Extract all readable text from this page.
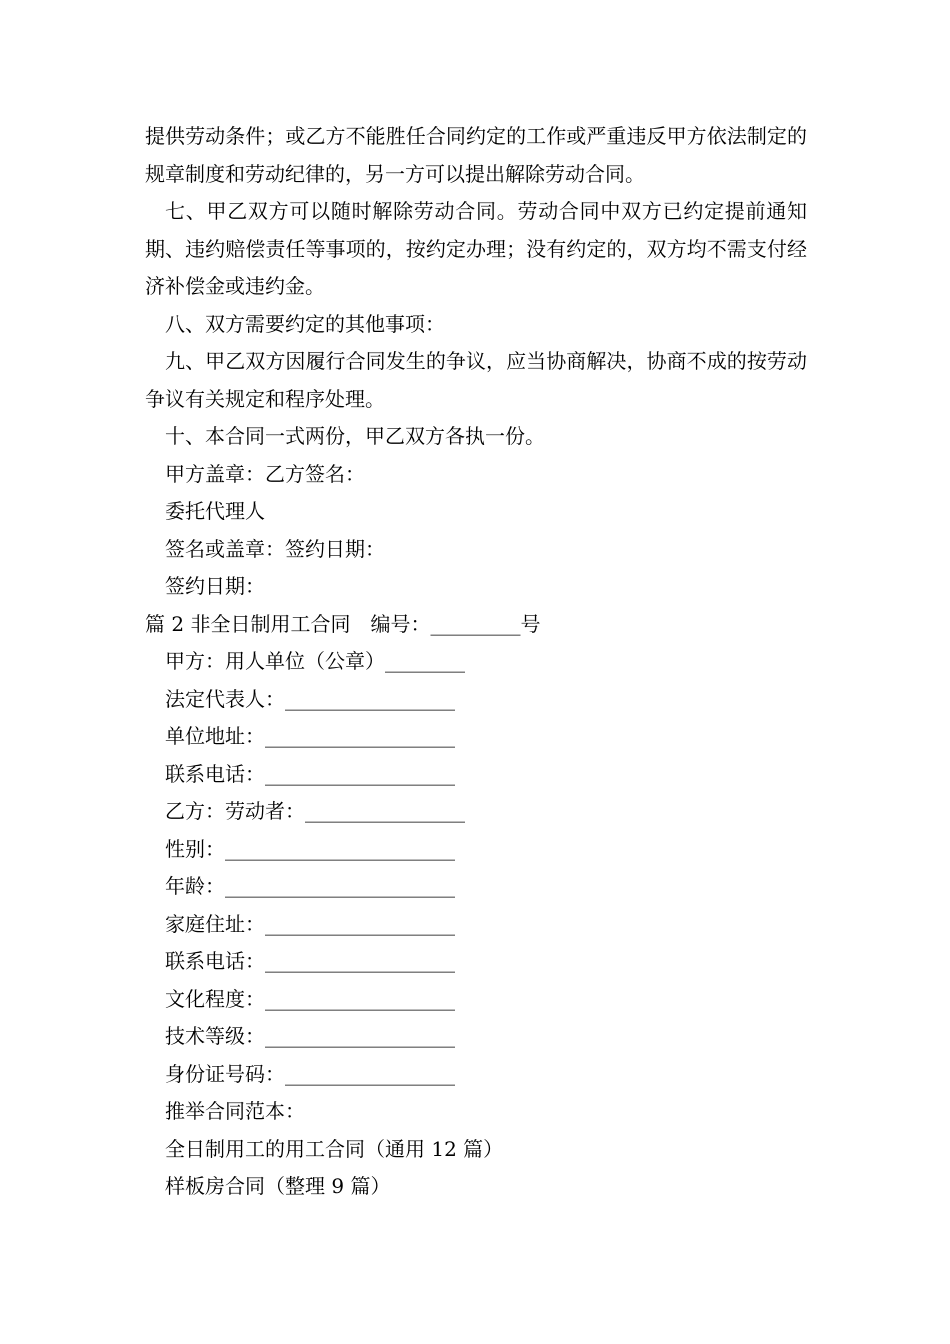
提供劳动条件；或乙方不能胜任合同约定的工作或严重违反甲方依法制定的规章制度和劳动纪律的，另一方可以提出解除劳动合同。

七、甲乙双方可以随时解除劳动合同。劳动合同中双方已约定提前通知期、违约赔偿责任等事项的，按约定办理；没有约定的，双方均不需支付经济补偿金或违约金。

八、双方需要约定的其他事项：

九、甲乙双方因履行合同发生的争议，应当协商解决，协商不成的按劳动争议有关规定和程序处理。

十、本合同一式两份，甲乙双方各执一份。

甲方盖章：乙方签名：

委托代理人

签名或盖章：签约日期：

签约日期：

篇 2 非全日制用工合同　编号：_________号

甲方：用人单位（公章）________

法定代表人：_________________

单位地址：___________________

联系电话：___________________

乙方：劳动者：________________

性别：_______________________

年龄：_______________________

家庭住址：___________________

联系电话：___________________

文化程度：___________________

技术等级：___________________

身份证号码：_________________

推举合同范本：

全日制用工的用工合同（通用 12 篇）

样板房合同（整理 9 篇）
